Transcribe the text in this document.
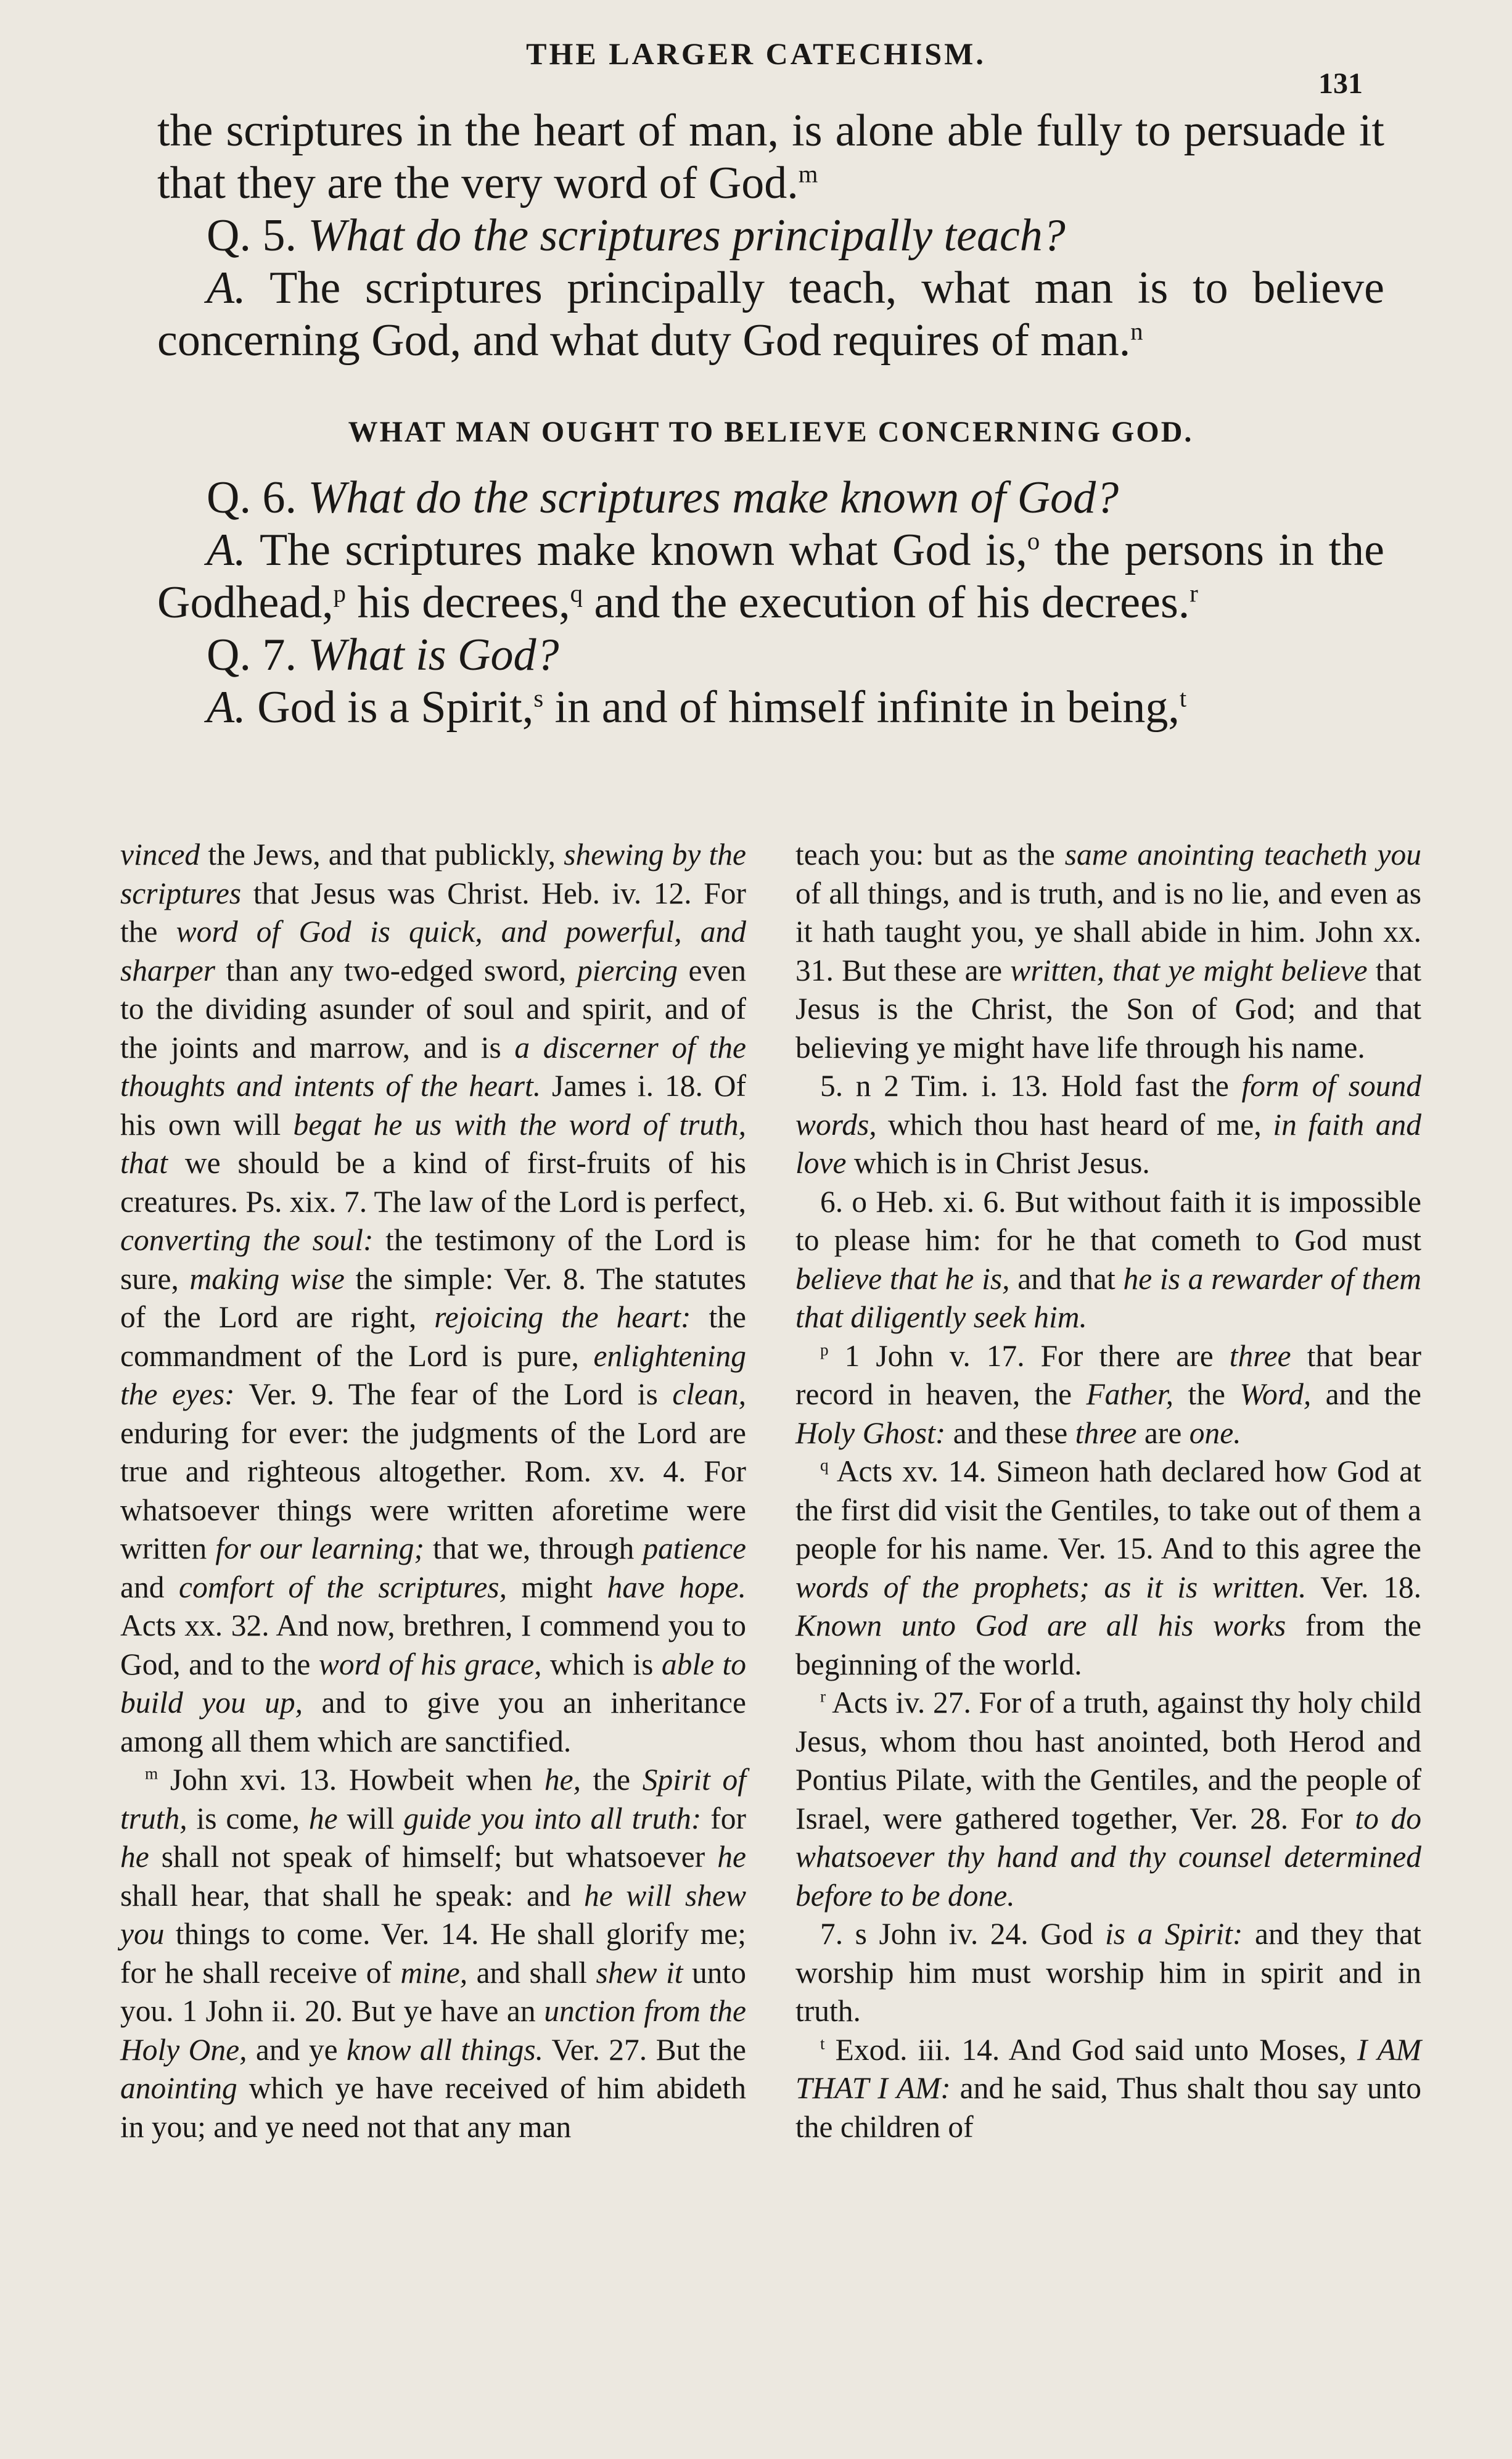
THE LARGER CATECHISM.
131

the scriptures in the heart of man, is alone able fully to persuade it that they are the very word of God.$^m$

Q. 5. What do the scriptures principally teach?

A. The scriptures principally teach, what man is to believe concerning God, and what duty God requires of man.$^n$

WHAT MAN OUGHT TO BELIEVE CONCERNING GOD.

Q. 6. What do the scriptures make known of God?

A. The scriptures make known what God is,$^o$ the persons in the Godhead,$^p$ his decrees,$^q$ and the execution of his decrees.$^r$

Q. 7. What is God?

A. God is a Spirit,$^s$ in and of himself infinite in being,$^t$

vinced the Jews, and that publickly, shewing by the scriptures that Jesus was Christ. Heb. iv. 12. For the word of God is quick, and powerful, and sharper than any two-edged sword, piercing even to the dividing asunder of soul and spirit, and of the joints and marrow, and is a discerner of the thoughts and intents of the heart. James i. 18. Of his own will begat he us with the word of truth, that we should be a kind of first-fruits of his creatures. Ps. xix. 7. The law of the Lord is perfect, converting the soul: the testimony of the Lord is sure, making wise the simple: Ver. 8. The statutes of the Lord are right, rejoicing the heart: the commandment of the Lord is pure, enlightening the eyes: Ver. 9. The fear of the Lord is clean, enduring for ever: the judgments of the Lord are true and righteous altogether. Rom. xv. 4. For whatsoever things were written aforetime were written for our learning; that we, through patience and comfort of the scriptures, might have hope. Acts xx. 32. And now, brethren, I commend you to God, and to the word of his grace, which is able to build you up, and to give you an inheritance among all them which are sanctified.

$^m$ John xvi. 13. Howbeit when he, the Spirit of truth, is come, he will guide you into all truth: for he shall not speak of himself; but whatsoever he shall hear, that shall he speak: and he will shew you things to come. Ver. 14. He shall glorify me; for he shall receive of mine, and shall shew it unto you. 1 John ii. 20. But ye have an unction from the Holy One, and ye know all things. Ver. 27. But the anointing which ye have received of him abideth in you; and ye need not that any man

teach you: but as the same anointing teacheth you of all things, and is truth, and is no lie, and even as it hath taught you, ye shall abide in him. John xx. 31. But these are written, that ye might believe that Jesus is the Christ, the Son of God; and that believing ye might have life through his name.

5. n 2 Tim. i. 13. Hold fast the form of sound words, which thou hast heard of me, in faith and love which is in Christ Jesus.

6. o Heb. xi. 6. But without faith it is impossible to please him: for he that cometh to God must believe that he is, and that he is a rewarder of them that diligently seek him.

$^p$ 1 John v. 17. For there are three that bear record in heaven, the Father, the Word, and the Holy Ghost: and these three are one.

$^q$ Acts xv. 14. Simeon hath declared how God at the first did visit the Gentiles, to take out of them a people for his name. Ver. 15. And to this agree the words of the prophets; as it is written. Ver. 18. Known unto God are all his works from the beginning of the world.

$^r$ Acts iv. 27. For of a truth, against thy holy child Jesus, whom thou hast anointed, both Herod and Pontius Pilate, with the Gentiles, and the people of Israel, were gathered together, Ver. 28. For to do whatsoever thy hand and thy counsel determined before to be done.

7. s John iv. 24. God is a Spirit: and they that worship him must worship him in spirit and in truth.

$^t$ Exod. iii. 14. And God said unto Moses, I AM THAT I AM: and he said, Thus shalt thou say unto the children of
